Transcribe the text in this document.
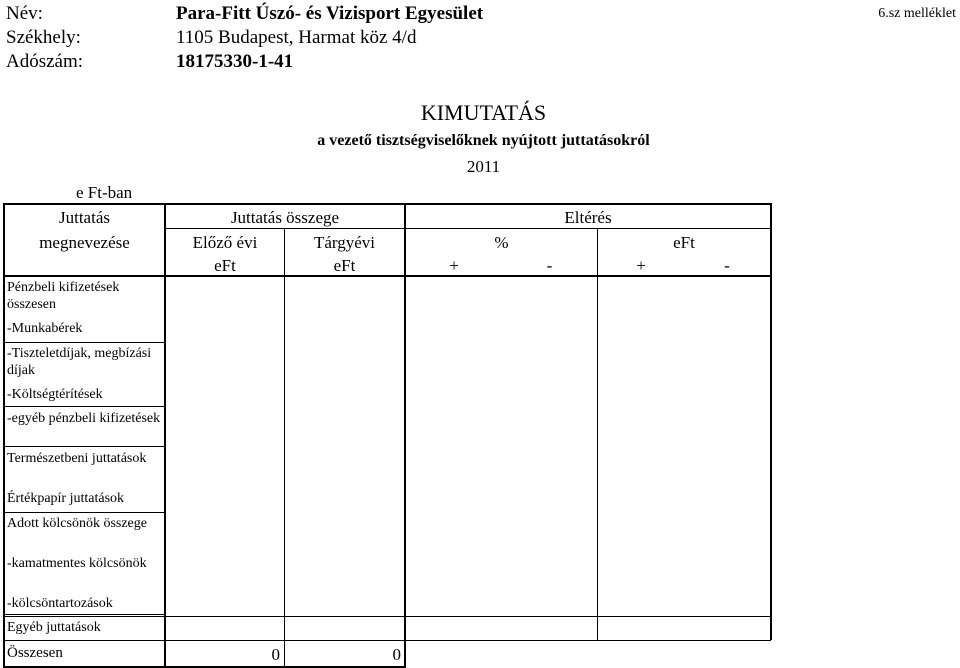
Név:	Para-Fitt Úszó- és Vizisport Egyesület	6.sz melléklet
Székhely:	1105 Budapest, Harmat köz 4/d
Adószám:	18175330-1-41
KIMUTATÁS
a vezető tisztségviselőknek nyújtott juttatásokról
2011
e Ft-ban
Juttatás
megnevezése
Juttatás összege
Előző évi	Tárgyévi
eFt	eFt
Eltérés
%	eFt
+	-	+	-
Pénzbeli kifizetések összesen
-Munkabérek
-Tiszteletdíjak, megbízási díjak
-Költségtérítések
-egyéb pénzbeli kifizetések
Természetbeni juttatások
Értékpapír juttatások
Adott kölcsönök összege
-kamatmentes kölcsönök
-kölcsöntartozások
Egyéb juttatások
Összesen	0	0
